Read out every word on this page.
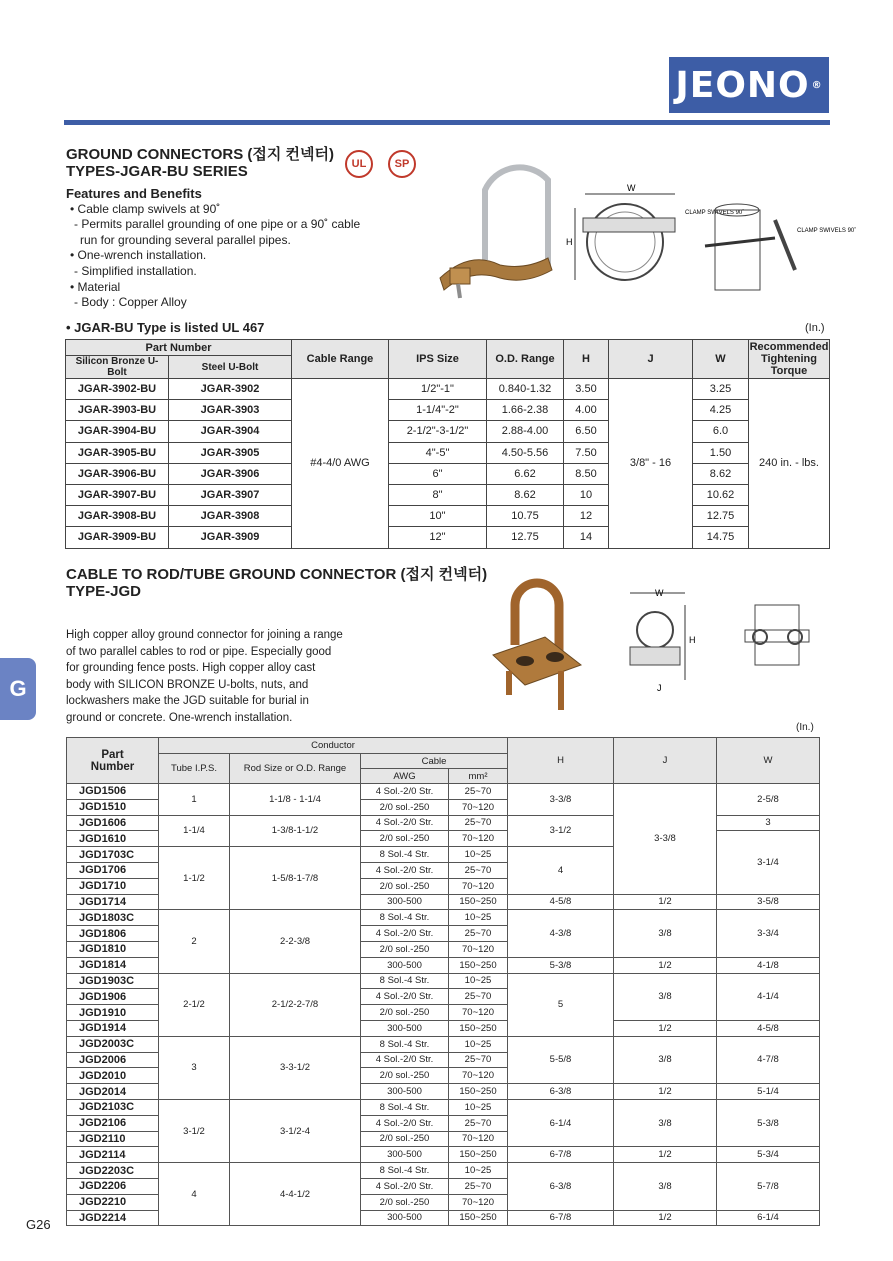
JEONO ®
GROUND CONNECTORS (접지 컨넥터)
TYPES-JGAR-BU SERIES	UL	SP
Features and Benefits
• Cable clamp swivels at 90˚
- Permits parallel grounding of one pipe or a 90˚ cable
run for grounding several parallel pipes.
• One-wrench installation.
- Simplified installation.
• Material
- Body : Copper Alloy
W
H
CLAMP SWIVELS 90˚
CLAMP SWIVELS 90˚
• JGAR-BU Type is listed UL 467	(In.)
Part Number		Cable Range	IPS Size	O.D. Range	H	J	W	Recommended
Tightening Torque

Silicon Bronze U-Bolt	Steel U-Bolt							
JGAR-3902-BU	JGAR-3902	#4-4/0 AWG	1/2"-1"	0.840-1.32	3.50	3/8" - 16	3.25	240 in. - lbs.
JGAR-3903-BU	JGAR-3903		1-1/4"-2"	1.66-2.38	4.00		4.25	
JGAR-3904-BU	JGAR-3904		2-1/2"-3-1/2"	2.88-4.00	6.50		6.0	
JGAR-3905-BU	JGAR-3905		4"-5"	4.50-5.56	7.50		1.50	
JGAR-3906-BU	JGAR-3906		6"	6.62	8.50		8.62	
JGAR-3907-BU	JGAR-3907		8"	8.62	10		10.62	
JGAR-3908-BU	JGAR-3908		10"	10.75	12		12.75	
JGAR-3909-BU	JGAR-3909		12"	12.75	14		14.75	
CABLE TO ROD/TUBE GROUND CONNECTOR (접지 컨넥터)
TYPE-JGD
High copper alloy ground connector for joining a range
of two parallel cables to rod or pipe. Especially good
for grounding fence posts. High copper alloy cast
body with SILICON BRONZE U-bolts, nuts, and
lockwashers make the JGD suitable for burial in
ground or concrete. One-wrench installation.
W
H
J
G
(In.)
Part
Number	Conductor				H	J	W
	Tube I.P.S.	Rod Size or O.D. Range	Cable				
			AWG	mm²			
JGD1506	1	1-1/8 - 1-1/4	4 Sol.-2/0 Str.	25~70	3-3/8	3-3/8	2-5/8
JGD1510			2/0 sol.-250	70~120			
JGD1606	1-1/4	1-3/8-1-1/2	4 Sol.-2/0 Str.	25~70	3-1/2		3
JGD1610			2/0 sol.-250	70~120			3-1/4
JGD1703C	1-1/2	1-5/8-1-7/8	8 Sol.-4 Str.	10~25	4		
JGD1706			4 Sol.-2/0 Str.	25~70			
JGD1710			2/0 sol.-250	70~120			
JGD1714			300-500	150~250	4-5/8	1/2	3-5/8
JGD1803C	2	2-2-3/8	8 Sol.-4 Str.	10~25	4-3/8	3/8	3-3/4
JGD1806			4 Sol.-2/0 Str.	25~70			
JGD1810			2/0 sol.-250	70~120			
JGD1814			300-500	150~250	5-3/8	1/2	4-1/8
JGD1903C	2-1/2	2-1/2-2-7/8	8 Sol.-4 Str.	10~25	5	3/8	4-1/4
JGD1906			4 Sol.-2/0 Str.	25~70			
JGD1910			2/0 sol.-250	70~120			
JGD1914			300-500	150~250		1/2	4-5/8
JGD2003C	3	3-3-1/2	8 Sol.-4 Str.	10~25	5-5/8	3/8	4-7/8
JGD2006			4 Sol.-2/0 Str.	25~70			
JGD2010			2/0 sol.-250	70~120			
JGD2014			300-500	150~250	6-3/8	1/2	5-1/4
JGD2103C	3-1/2	3-1/2-4	8 Sol.-4 Str.	10~25	6-1/4	3/8	5-3/8
JGD2106			4 Sol.-2/0 Str.	25~70			
JGD2110			2/0 sol.-250	70~120			
JGD2114			300-500	150~250	6-7/8	1/2	5-3/4
JGD2203C	4	4-4-1/2	8 Sol.-4 Str.	10~25	6-3/8	3/8	5-7/8
JGD2206			4 Sol.-2/0 Str.	25~70			
JGD2210			2/0 sol.-250	70~120			
JGD2214			300-500	150~250	6-7/8	1/2	6-1/4
G26
